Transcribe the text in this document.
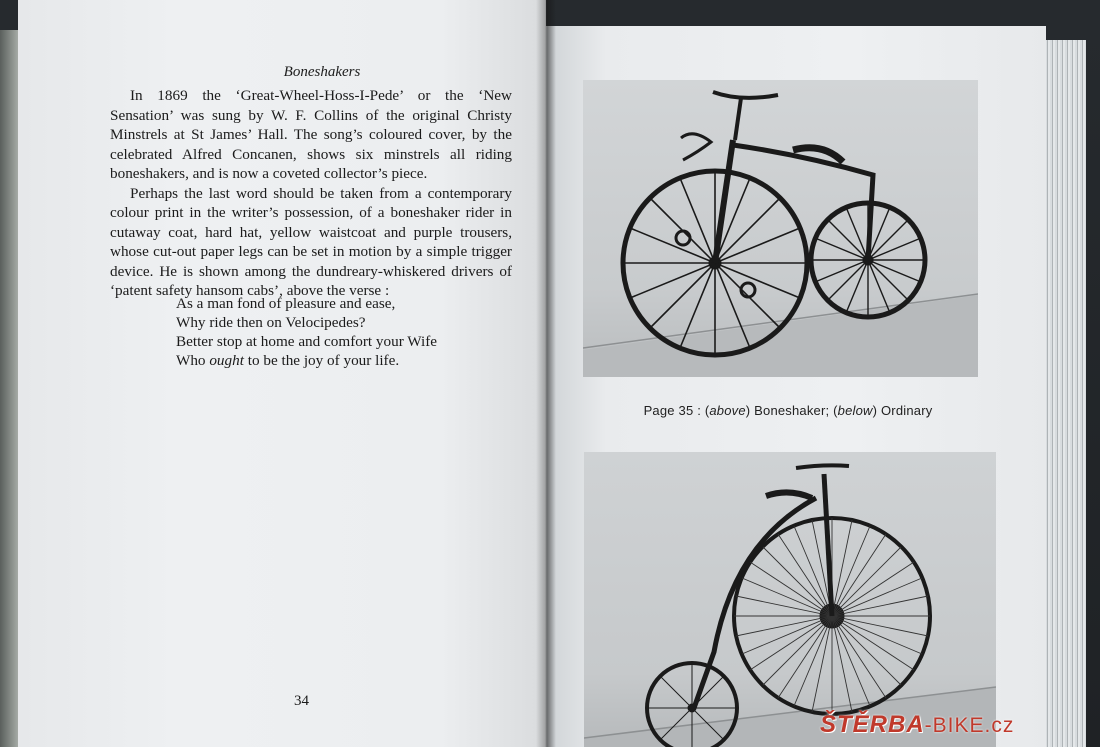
Boneshakers

In 1869 the ‘Great-Wheel-Hoss-I-Pede’ or the ‘New Sensation’ was sung by W. F. Collins of the original Christy Minstrels at St James’ Hall. The song’s coloured cover, by the celebrated Alfred Concanen, shows six minstrels all riding boneshakers, and is now a coveted collector’s piece.

Perhaps the last word should be taken from a contemporary colour print in the writer’s possession, of a boneshaker rider in cutaway coat, hard hat, yellow waistcoat and purple trousers, whose cut-out paper legs can be set in motion by a simple trigger device. He is shown among the dundreary-whiskered drivers of ‘patent safety hansom cabs’, above the verse :

As a man fond of pleasure and ease,
Why ride then on Velocipedes?
Better stop at home and comfort your Wife
Who ought to be the joy of your life.
34
Page 35 : (above) Boneshaker; (below) Ordinary
ŠTĚRBA-BIKE.cz
